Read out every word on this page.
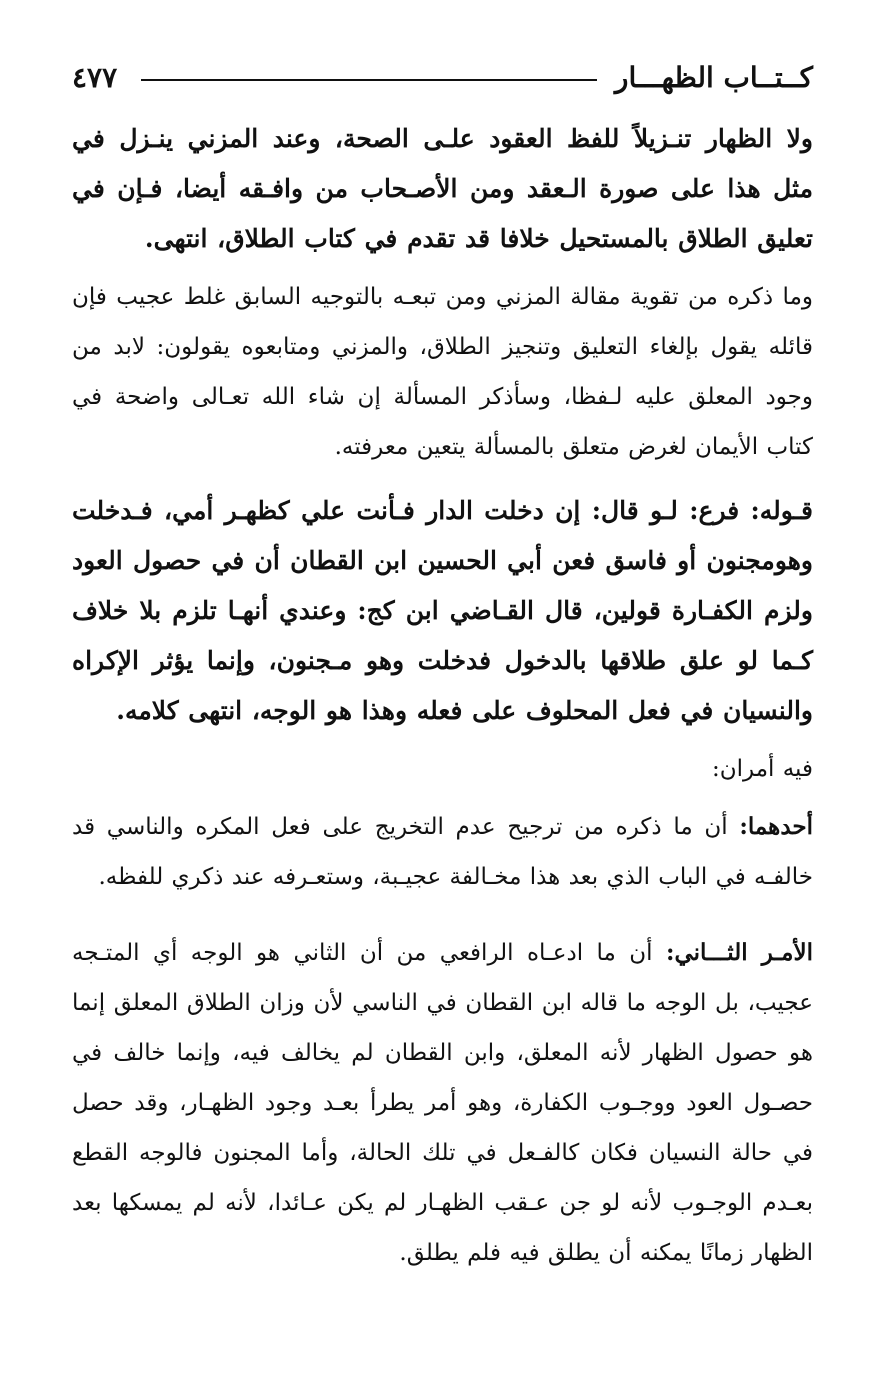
كــتــاب الظهـــار
٤٧٧

ولا الظهار تنـزيلاً للفظ العقود علـى الصحة، وعند المزني ينـزل في مثل هذا على صورة الـعقد ومن الأصـحاب من وافـقه أيضا، فـإن في تعليق الطلاق بالمستحيل خلافا قد تقدم في كتاب الطلاق، انتهى.

وما ذكره من تقوية مقالة المزني ومن تبعـه بالتوجيه السابق غلط عجيب فإن قائله يقول بإلغاء التعليق وتنجيز الطلاق، والمزني ومتابعوه يقولون: لابد من وجود المعلق عليه لـفظا، وسأذكر المسألة إن شاء الله تعـالى واضحة في كتاب الأيمان لغرض متعلق بالمسألة يتعين معرفته.

قـوله: فرع: لـو قال: إن دخلت الدار فـأنت علي كظهـر أمي، فـدخلت وهومجنون أو فاسق فعن أبي الحسين ابن القطان أن في حصول العود ولزم الكفـارة قولين، قال القـاضي ابن كج: وعندي أنهـا تلزم بلا خلاف كـما لو علق طلاقها بالدخول فدخلت وهو مـجنون، وإنما يؤثر الإكراه والنسيان في فعل المحلوف على فعله وهذا هو الوجه، انتهى كلامه.

فيه أمران:

أحدهما: أن ما ذكره من ترجيح عدم التخريج على فعل المكره والناسي قد خالفـه في الباب الذي بعد هذا مخـالفة عجيـبة، وستعـرفه عند ذكري للفظه.

الأمـر الثـــاني: أن ما ادعـاه الرافعي من أن الثاني هو الوجه أي المتـجه عجيب، بل الوجه ما قاله ابن القطان في الناسي لأن وزان الطلاق المعلق إنما هو حصول الظهار لأنه المعلق، وابن القطان لم يخالف فيه، وإنما خالف في حصـول العود ووجـوب الكفارة، وهو أمر يطرأ بعـد وجود الظهـار، وقد حصل في حالة النسيان فكان كالفـعل في تلك الحالة، وأما المجنون فالوجه القطع بعـدم الوجـوب لأنه لو جن عـقب الظهـار لم يكن عـائدا، لأنه لم يمسكها بعد الظهار زمانًا يمكنه أن يطلق فيه فلم يطلق.
